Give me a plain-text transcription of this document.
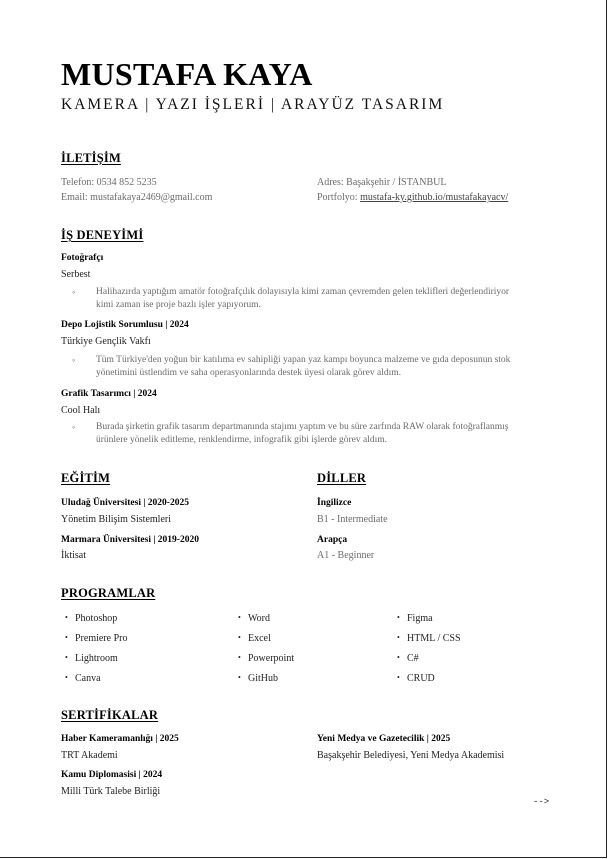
MUSTAFA KAYA
KAMERA | YAZI İŞLERİ | ARAYÜZ TASARIM
İLETİŞİM
Telefon: 0534 852 5235
Email: mustafakaya2469@gmail.com
Adres: Başakşehir / İSTANBUL
Portfolyo: mustafa-ky.github.io/mustafakayacv/
İŞ DENEYİMİ
Fotoğrafçı
Serbest
◦	Halihazırda yaptığım amatör fotoğrafçılık dolayısıyla kimi zaman çevremden gelen teklifleri değerlendiriyor kimi zaman ise proje bazlı işler yapıyorum.
Depo Lojistik Sorumlusu | 2024
Türkiye Gençlik Vakfı
◦	Tüm Türkiye'den yoğun bir katılıma ev sahipliği yapan yaz kampı boyunca malzeme ve gıda deposunun stok yönetimini üstlendim ve saha operasyonlarında destek üyesi olarak görev aldım.
Grafik Tasarımcı | 2024
Cool Halı
◦	Burada şirketin grafik tasarım departmanında stajımı yaptım ve bu süre zarfında RAW olarak fotoğraflanmış ürünlere yönelik editleme, renklendirme, infografik gibi işlerde görev aldım.
EĞİTİM
Uludağ Üniversitesi | 2020-2025
Yönetim Bilişim Sistemleri
Marmara Üniversitesi | 2019-2020
İktisat
DİLLER
İngilizce
B1 - Intermediate
Arapça
A1 - Beginner
PROGRAMLAR
• Photoshop
• Premiere Pro
• Lightroom
• Canva
• Word
• Excel
• Powerpoint
• GitHub
• Figma
• HTML / CSS
• C#
• CRUD
SERTİFİKALAR
Haber Kameramanlığı | 2025
TRT Akademi
Yeni Medya ve Gazetecilik | 2025
Başakşehir Belediyesi, Yeni Medya Akademisi
Kamu Diplomasisi | 2024
Milli Türk Talebe Birliği
-->
